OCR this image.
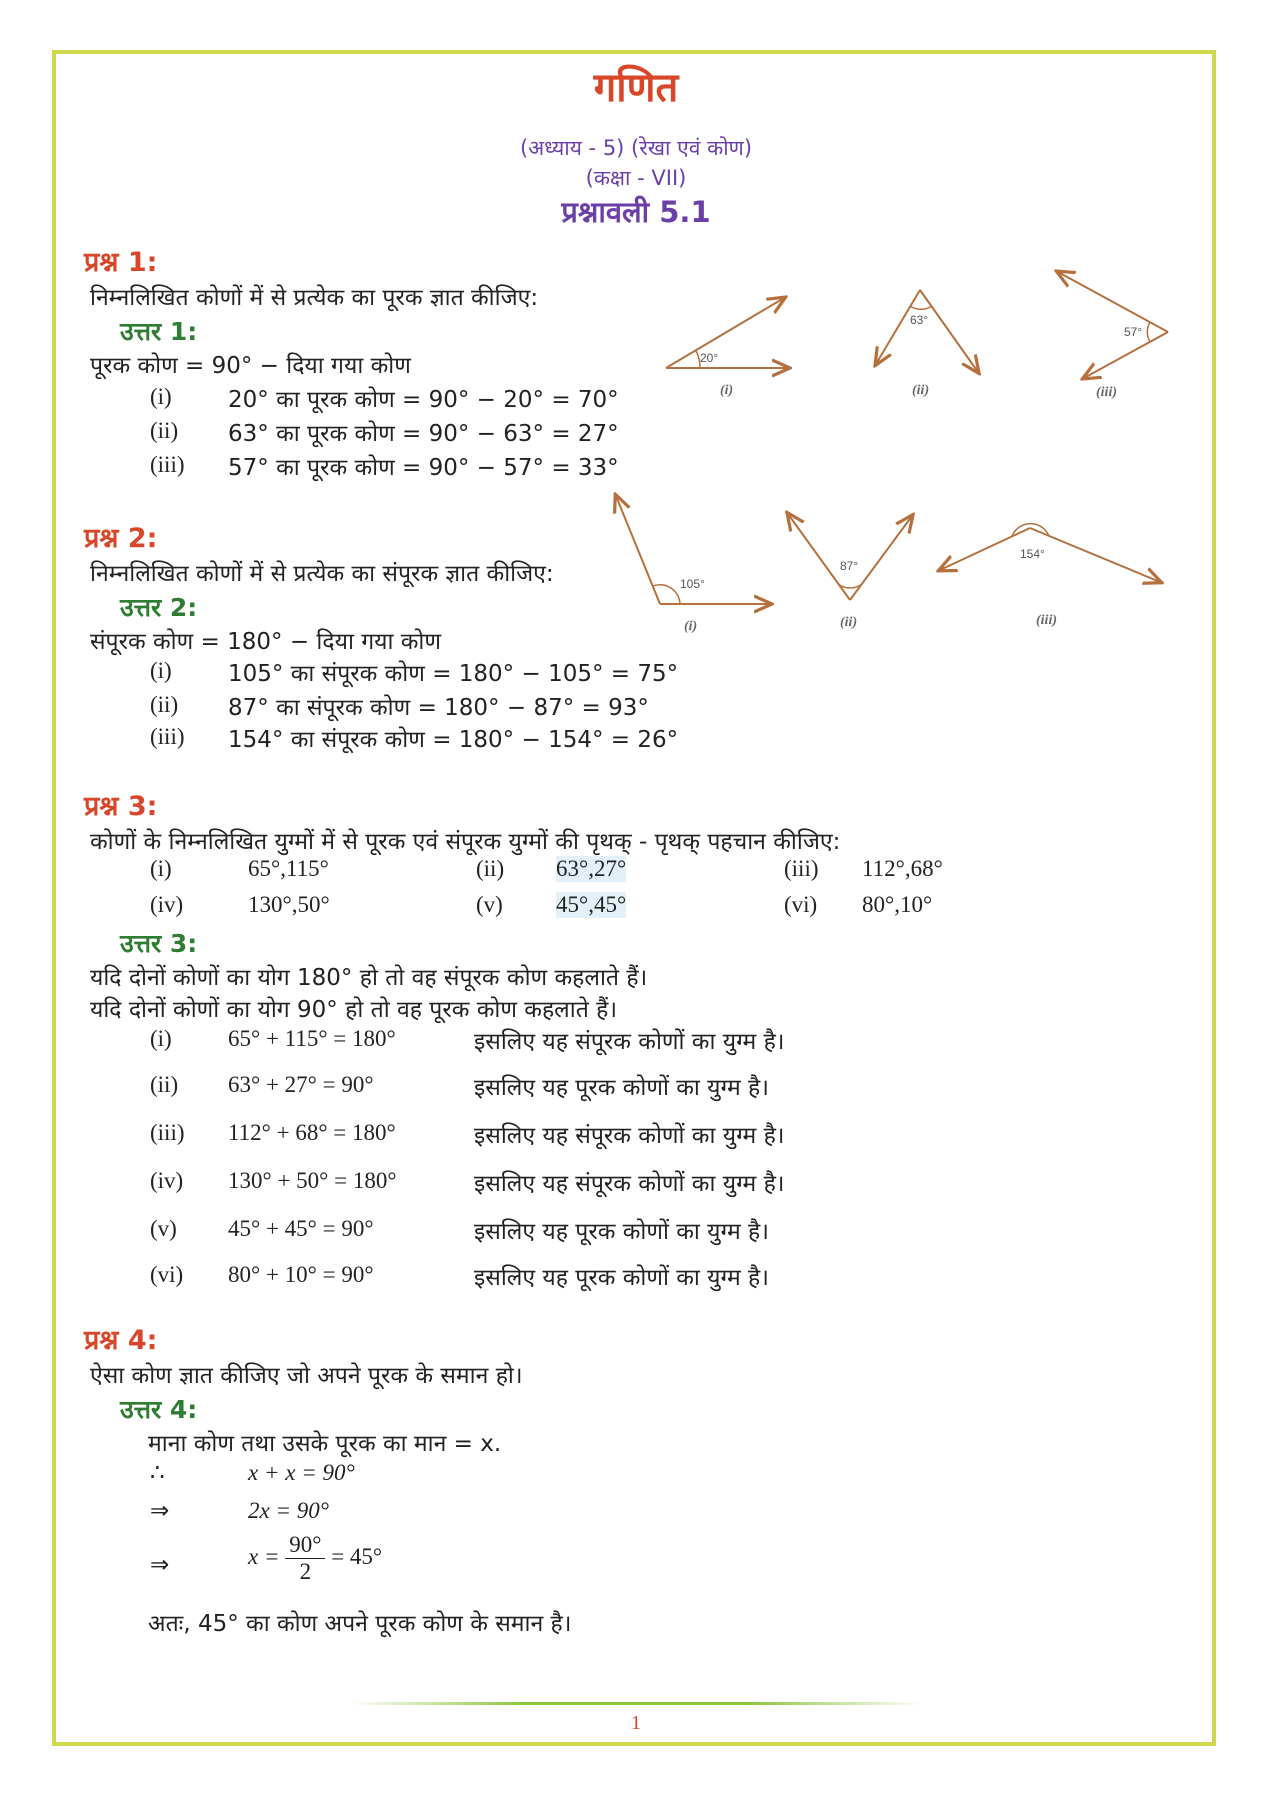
गणित
(अध्याय - 5) (रेखा एवं कोण)
(कक्षा - VII)
प्रश्नावली 5.1
प्रश्न 1:
निम्नलिखित कोणों में से प्रत्येक का पूरक ज्ञात कीजिए:
उत्तर 1:
पूरक कोण = 90° − दिया गया कोण
(i) 20° का पूरक कोण = 90° − 20° = 70°
(ii) 63° का पूरक कोण = 90° − 63° = 27°
(iii) 57° का पूरक कोण = 90° − 57° = 33°
20°
(i)
63°
(ii)
57°
(iii)
प्रश्न 2:
निम्नलिखित कोणों में से प्रत्येक का संपूरक ज्ञात कीजिए:
उत्तर 2:
संपूरक कोण = 180° − दिया गया कोण
(i) 105° का संपूरक कोण = 180° − 105° = 75°
(ii) 87° का संपूरक कोण = 180° − 87° = 93°
(iii) 154° का संपूरक कोण = 180° − 154° = 26°
105°
(i)
87°
(ii)
154°
(iii)
प्रश्न 3:
कोणों के निम्नलिखित युग्मों में से पूरक एवं संपूरक युग्मों की पृथक् - पृथक् पहचान कीजिए:
(i)	65°,115°	(ii) 63°,27°	(iii) 112°,68°
(iv)	130°,50°	(v) 45°,45°	(vi) 80°,10°
उत्तर 3:
यदि दोनों कोणों का योग 180° हो तो वह संपूरक कोण कहलाते हैं।
यदि दोनों कोणों का योग 90° हो तो वह पूरक कोण कहलाते हैं।
(i) 65° + 115° = 180°	इसलिए यह संपूरक कोणों का युग्म है।
(ii) 63° + 27° = 90°	इसलिए यह पूरक कोणों का युग्म है।
(iii) 112° + 68° = 180°	इसलिए यह संपूरक कोणों का युग्म है।
(iv) 130° + 50° = 180°	इसलिए यह संपूरक कोणों का युग्म है।
(v) 45° + 45° = 90°	इसलिए यह पूरक कोणों का युग्म है।
(vi) 80° + 10° = 90°	इसलिए यह पूरक कोणों का युग्म है।
प्रश्न 4:
ऐसा कोण ज्ञात कीजिए जो अपने पूरक के समान हो।
उत्तर 4:
माना कोण तथा उसके पूरक का मान = x.
∴	x + x = 90°
⇒	2x = 90°
⇒	$x = \frac{90^\circ}{2} = 45^\circ$
अतः, 45° का कोण अपने पूरक कोण के समान है।
1
